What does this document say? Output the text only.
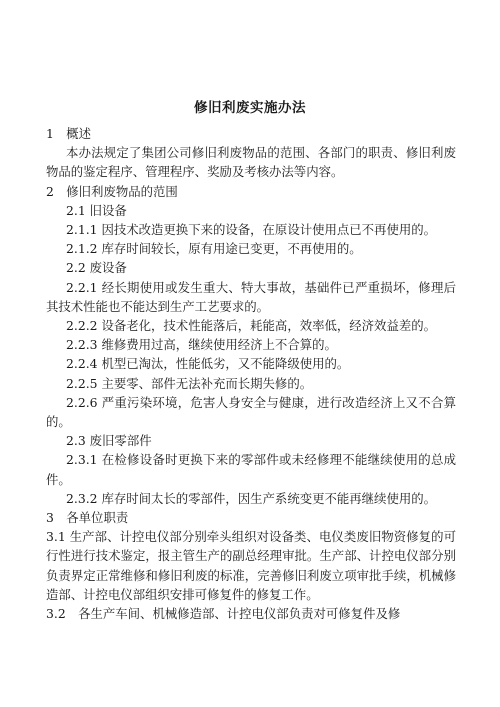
修旧利废实施办法

1　概述

本办法规定了集团公司修旧利废物品的范围、各部门的职责、修旧利废物品的鉴定程序、管理程序、奖励及考核办法等内容。

2　修旧利废物品的范围

2.1 旧设备

2.1.1 因技术改造更换下来的设备，在原设计使用点已不再使用的。

2.1.2 库存时间较长，原有用途已变更，不再使用的。

2.2 废设备

2.2.1 经长期使用或发生重大、特大事故，基础件已严重损坏，修理后其技术性能也不能达到生产工艺要求的。

2.2.2 设备老化，技术性能落后，耗能高，效率低，经济效益差的。

2.2.3 维修费用过高，继续使用经济上不合算的。

2.2.4 机型已淘汰，性能低劣，又不能降级使用的。

2.2.5 主要零、部件无法补充而长期失修的。

2.2.6 严重污染环境，危害人身安全与健康，进行改造经济上又不合算的。

2.3 废旧零部件

2.3.1 在检修设备时更换下来的零部件或未经修理不能继续使用的总成件。

2.3.2 库存时间太长的零部件，因生产系统变更不能再继续使用的。

3　各单位职责

3.1 生产部、计控电仪部分别牵头组织对设备类、电仪类废旧物资修复的可行性进行技术鉴定，报主管生产的副总经理审批。生产部、计控电仪部分别负责界定正常维修和修旧利废的标准，完善修旧利废立项审批手续，机械修造部、计控电仪部组织安排可修复件的修复工作。

3.2　各生产车间、机械修造部、计控电仪部负责对可修复件及修
